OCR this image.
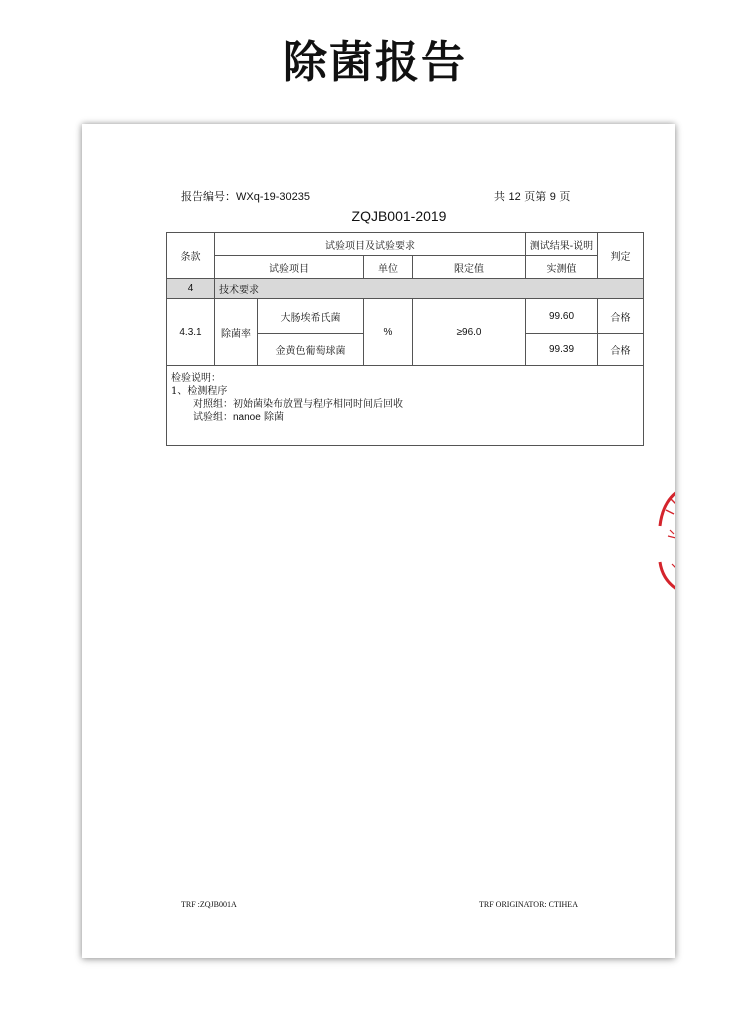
除菌报告
报告编号：WXq-19-30235	共 12 页第 9 页
ZQJB001-2019
条款	试验项目及试验要求				测试结果-说明	判定
	试验项目		单位	限定值	实测值	
4	技术要求					
4.3.1	除菌率	大肠埃希氏菌	%	≥96.0	99.60	合格
		金黄色葡萄球菌			99.39	合格

检验说明：
1、检测程序
对照组：初始菌染布放置与程序相同时间后回收
试验组：nanoe 除菌						
TRF :ZQJB001A	TRF ORIGINATOR: CTIHEA
